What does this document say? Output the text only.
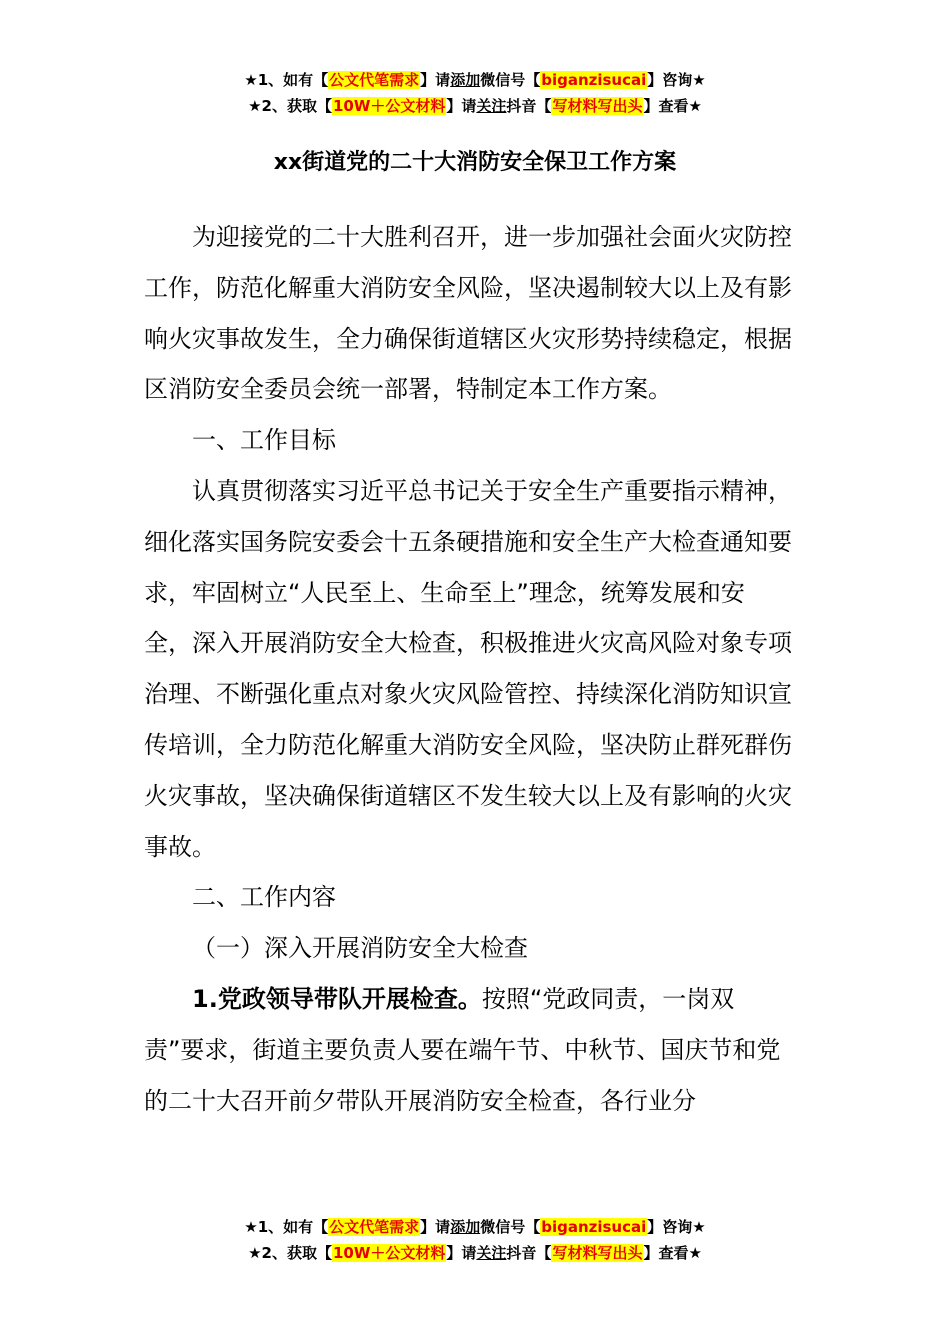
★1、如有【公文代笔需求】请添加微信号【biganzisucai】咨询★
★2、获取【10W＋公文材料】请关注抖音【写材料写出头】查看★
xx街道党的二十大消防安全保卫工作方案

为迎接党的二十大胜利召开，进一步加强社会面火灾防控工作，防范化解重大消防安全风险，坚决遏制较大以上及有影响火灾事故发生，全力确保街道辖区火灾形势持续稳定，根据区消防安全委员会统一部署，特制定本工作方案。

一、工作目标

认真贯彻落实习近平总书记关于安全生产重要指示精神，细化落实国务院安委会十五条硬措施和安全生产大检查通知要求，牢固树立“人民至上、生命至上”理念，统筹发展和安全，深入开展消防安全大检查，积极推进火灾高风险对象专项治理、不断强化重点对象火灾风险管控、持续深化消防知识宣传培训，全力防范化解重大消防安全风险，坚决防止群死群伤火灾事故，坚决确保街道辖区不发生较大以上及有影响的火灾事故。

二、工作内容

（一）深入开展消防安全大检查

1.党政领导带队开展检查。按照“党政同责，一岗双责”要求，街道主要负责人要在端午节、中秋节、国庆节和党的二十大召开前夕带队开展消防安全检查，各行业分

★1、如有【公文代笔需求】请添加微信号【biganzisucai】咨询★
★2、获取【10W＋公文材料】请关注抖音【写材料写出头】查看★
